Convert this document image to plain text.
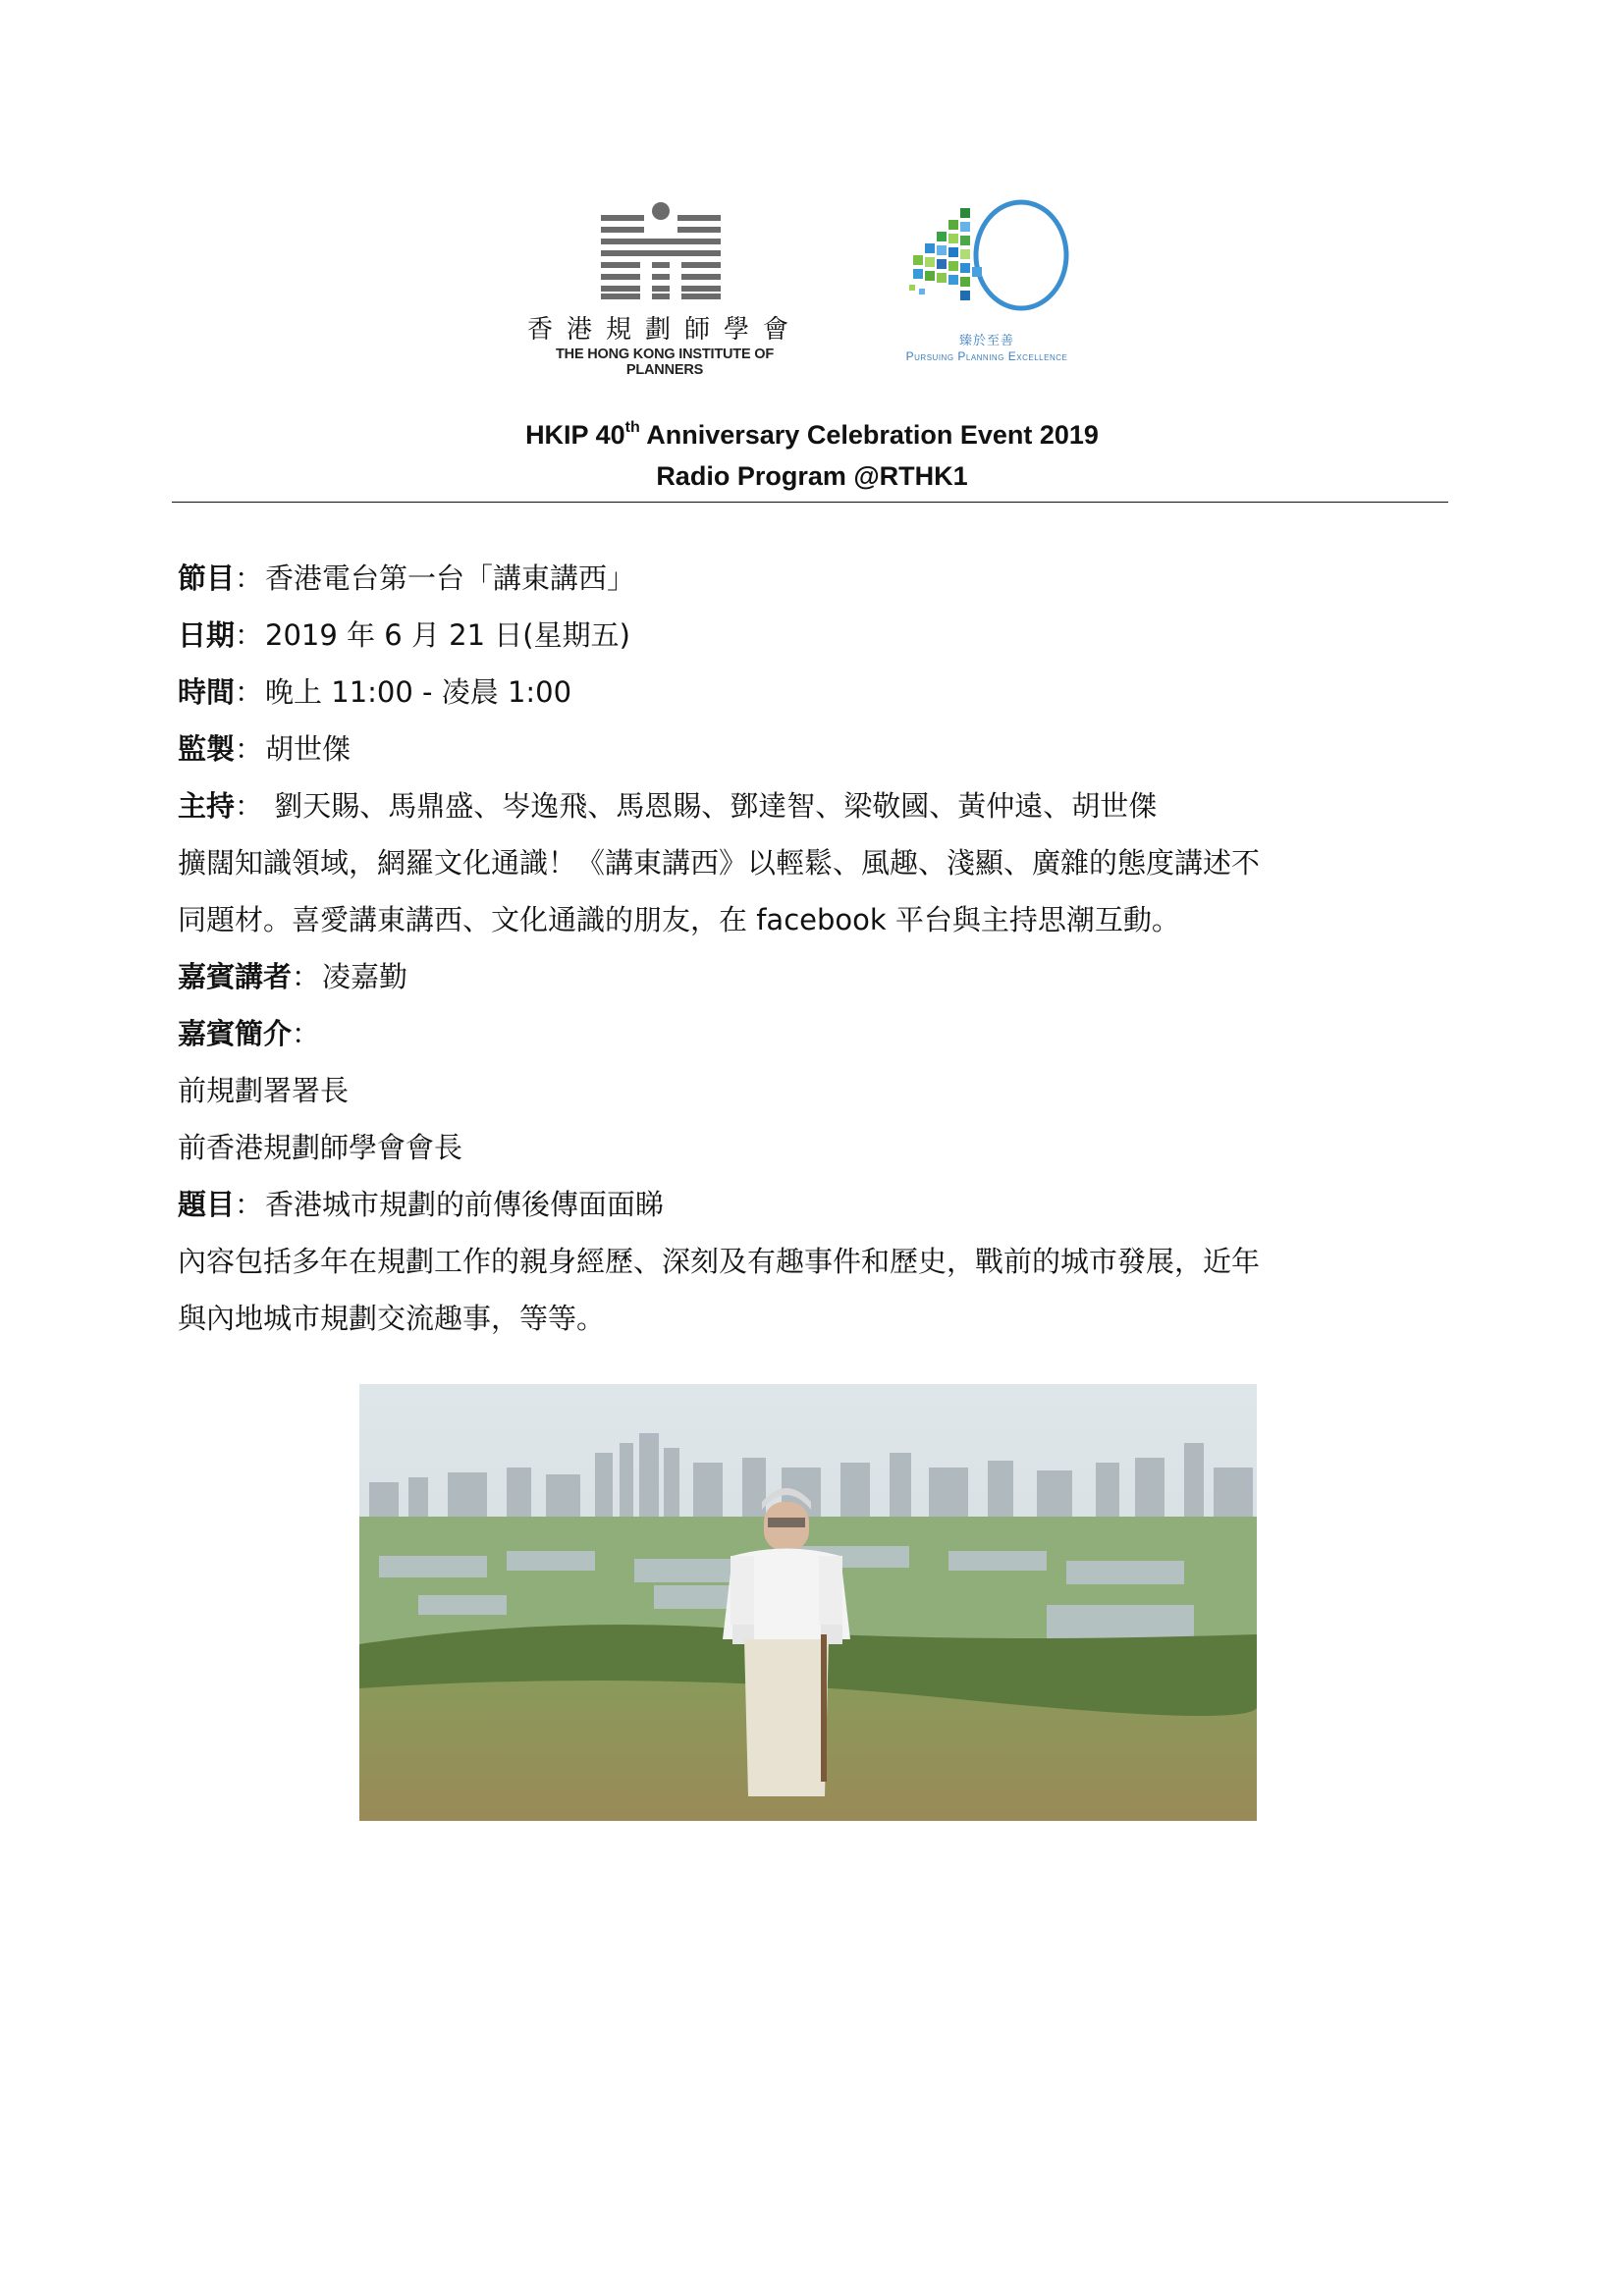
香港規劃師學會
THE HONG KONG INSTITUTE OF PLANNERS
臻於至善
Pursuing Planning Excellence
HKIP 40th Anniversary Celebration Event 2019
Radio Program @RTHK1
節目：香港電台第一台「講東講西」
日期：2019 年 6 月 21 日(星期五)
時間：晚上 11:00 - 凌晨 1:00
監製：胡世傑
主持： 劉天賜、馬鼎盛、岑逸飛、馬恩賜、鄧達智、梁敬國、黃仲遠、胡世傑
擴闊知識領域，網羅文化通識！《講東講西》以輕鬆、風趣、淺顯、廣雜的態度講述不
同題材。喜愛講東講西、文化通識的朋友，在 facebook 平台與主持思潮互動。
嘉賓講者：凌嘉勤
嘉賓簡介：
前規劃署署長
前香港規劃師學會會長
題目：香港城市規劃的前傳後傳面面睇
內容包括多年在規劃工作的親身經歷、深刻及有趣事件和歷史，戰前的城市發展，近年
與內地城市規劃交流趣事，等等。
